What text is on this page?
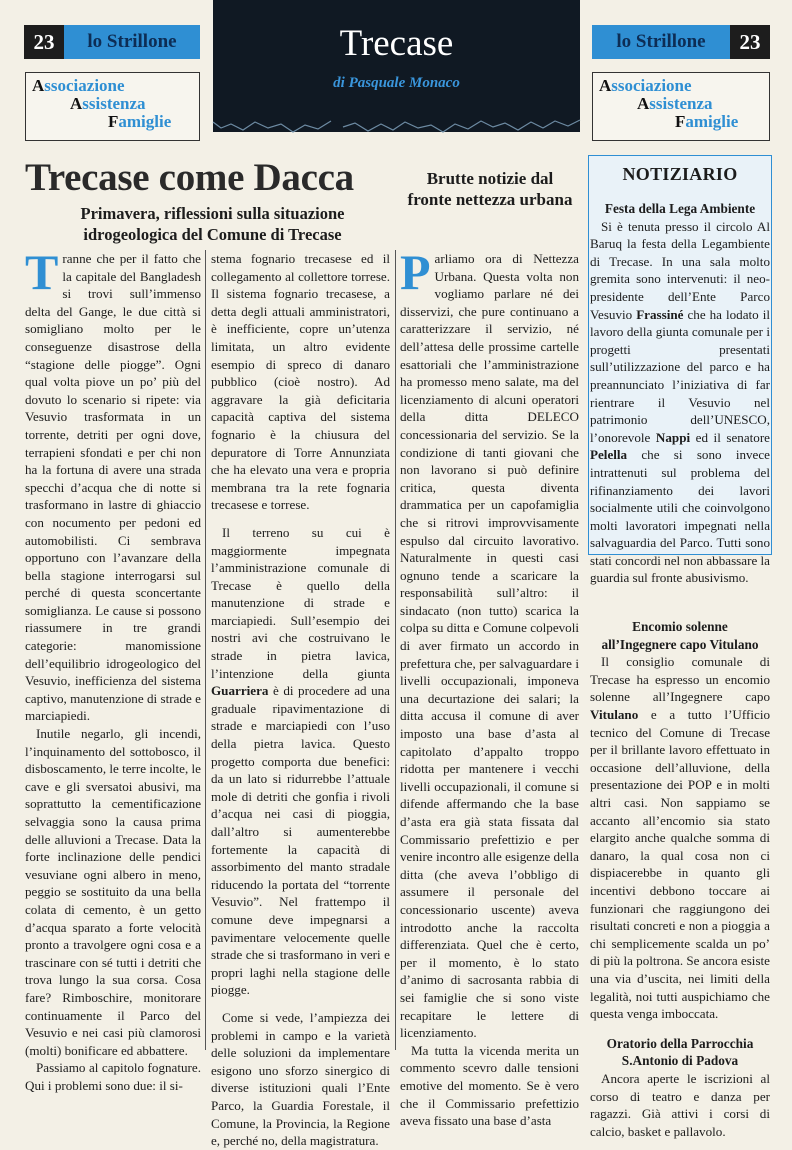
23	lo Strillone	Trecase
di Pasquale Monaco
lo Strillone	23
Associazione
Assistenza
Famiglie
Associazione
Assistenza
Famiglie
Trecase come Dacca
Primavera, riflessioni sulla situazione idrogeologica del Comune di Trecase

Tranne che per il fatto che la capitale del Bangladesh si trovi sull’immenso delta del Gange, le due città si somigliano molto per le conseguenze disastrose della “stagione delle piogge”. Ogni qual volta piove un po’ più del dovuto lo scenario si ripete: via Vesuvio trasformata in un torrente, detriti per ogni dove, terrapieni sfondati e per chi non ha la fortuna di avere una strada specchi d’acqua che di notte si trasformano in lastre di ghiaccio con nocumento per pedoni ed automobilisti. Ci sembrava opportuno con l’avanzare della bella stagione interrogarsi sul perché di questa sconcertante somiglianza. Le cause si possono riassumere in tre grandi categorie: manomissione dell’equilibrio idrogeologico del Vesuvio, inefficienza del sistema captivo, manutenzione di strade e marciapiedi.

Inutile negarlo, gli incendi, l’inquinamento del sottobosco, il disboscamento, le terre incolte, le cave e gli sversatoi abusivi, ma soprattutto la cementificazione selvaggia sono la causa prima delle alluvioni a Trecase. Data la forte inclinazione delle pendici vesuviane ogni albero in meno, peggio se sostituito da una bella colata di cemento, è un getto d’acqua sparato a forte velocità pronto a travolgere ogni cosa e a trascinare con sé tutti i detriti che trova lungo la sua corsa. Cosa fare? Rimboschire, monitorare continuamente il Parco del Vesuvio e nei casi più clamorosi (molti) bonificare ed abbattere.

Passiamo al capitolo fognature. Qui i problemi sono due: il si-

stema fognario trecasese ed il collegamento al collettore torrese. Il sistema fognario trecasese, a detta degli attuali amministratori, è inefficiente, copre un’utenza limitata, un altro evidente esempio di spreco di danaro pubblico (cioè nostro). Ad aggravare la già deficitaria capacità captiva del sistema fognario è la chiusura del depuratore di Torre Annunziata che ha elevato una vera e propria membrana tra la rete fognaria trecasese e torrese.

Il terreno su cui è maggiormente impegnata l’amministrazione comunale di Trecase è quello della manutenzione di strade e marciapiedi. Sull’esempio dei nostri avi che costruivano le strade in pietra lavica, l’intenzione della giunta Guarriera è di procedere ad una graduale ripavimentazione di strade e marciapiedi con l’uso della pietra lavica. Questo progetto comporta due benefici: da un lato si ridurrebbe l’attuale mole di detriti che gonfia i rivoli d’acqua nei casi di pioggia, dall’altro si aumenterebbe fortemente la capacità di assorbimento del manto stradale riducendo la portata del “torrente Vesuvio”. Nel frattempo il comune deve impegnarsi a pavimentare velocemente quelle strade che si trasformano in veri e propri laghi nella stagione delle piogge.

Come si vede, l’ampiezza dei problemi in campo e la varietà delle soluzioni da implementare esigono uno sforzo sinergico di diverse istituzioni quali l’Ente Parco, la Guardia Forestale, il Comune, la Provincia, la Regione e, perché no, della magistratura.

Brutte notizie dal fronte nettezza urbana

Parliamo ora di Nettezza Urbana. Questa volta non vogliamo parlare né dei disservizi, che pure continuano a caratterizzare il servizio, né dell’attesa delle prossime cartelle esattoriali che l’amministrazione ha promesso meno salate, ma del licenziamento di alcuni operatori della ditta DELECO concessionaria del servizio. Se la condizione di tanti giovani che non lavorano si può definire critica, questa diventa drammatica per un capofamiglia che si ritrovi improvvisamente espulso dal circuito lavorativo. Naturalmente in questi casi ognuno tende a scaricare la responsabilità sull’altro: il sindacato (non tutto) scarica la colpa su ditta e Comune colpevoli di aver firmato un accordo in prefettura che, per salvaguardare i livelli occupazionali, imponeva una decurtazione dei salari; la ditta accusa il comune di aver imposto una base d’asta al capitolato d’appalto troppo ridotta per mantenere i vecchi livelli occupazionali, il comune si difende affermando che la base d’asta era già stata fissata dal Commissario prefettizio e per venire incontro alle esigenze della ditta (che aveva l’obbligo di assumere il personale del concessionario uscente) aveva introdotto anche la raccolta differenziata. Quel che è certo, per il momento, è lo stato d’animo di sacrosanta rabbia di sei famiglie che si sono viste recapitare le lettere di licenziamento.

Ma tutta la vicenda merita un commento scevro dalle tensioni emotive del momento. Se è vero che il Commissario prefettizio aveva fissato una base d’asta

NOTIZIARIO
Festa della Lega Ambiente

Si è tenuta presso il circolo Al Baruq la festa della Legambiente di Trecase. In una sala molto gremita sono intervenuti: il neo-presidente dell’Ente Parco Vesuvio Frassiné che ha lodato il lavoro della giunta comunale per i progetti presentati sull’utilizzazione del parco e ha preannunciato l’iniziativa di far rientrare il Vesuvio nel patrimonio dell’UNESCO, l’onorevole Nappi ed il senatore Pelella che si sono invece intrattenuti sul problema del rifinanziamento dei lavori socialmente utili che coinvolgono molti lavoratori impegnati nella salvaguardia del Parco. Tutti sono stati concordi nel non abbassare la guardia sul fronte abusivismo.

Encomio solenne
all’Ingegnere capo Vitulano

Il consiglio comunale di Trecase ha espresso un encomio solenne all’Ingegnere capo Vitulano e a tutto l’Ufficio tecnico del Comune di Trecase per il brillante lavoro effettuato in occasione dell’alluvione, della presentazione dei POP e in molti altri casi. Non sappiamo se accanto all’encomio sia stato elargito anche qualche somma di danaro, la qual cosa non ci dispiacerebbe in quanto gli incentivi debbono toccare ai funzionari che raggiungono dei risultati concreti e non a pioggia a chi semplicemente scalda un po’ di più la poltrona. Se ancora esiste una via d’uscita, nei limiti della legalità, noi tutti auspichiamo che questa venga imboccata.

Oratorio della Parrocchia
S.Antonio di Padova

Ancora aperte le iscrizioni al corso di teatro e danza per ragazzi. Già attivi i corsi di calcio, basket e pallavolo.
